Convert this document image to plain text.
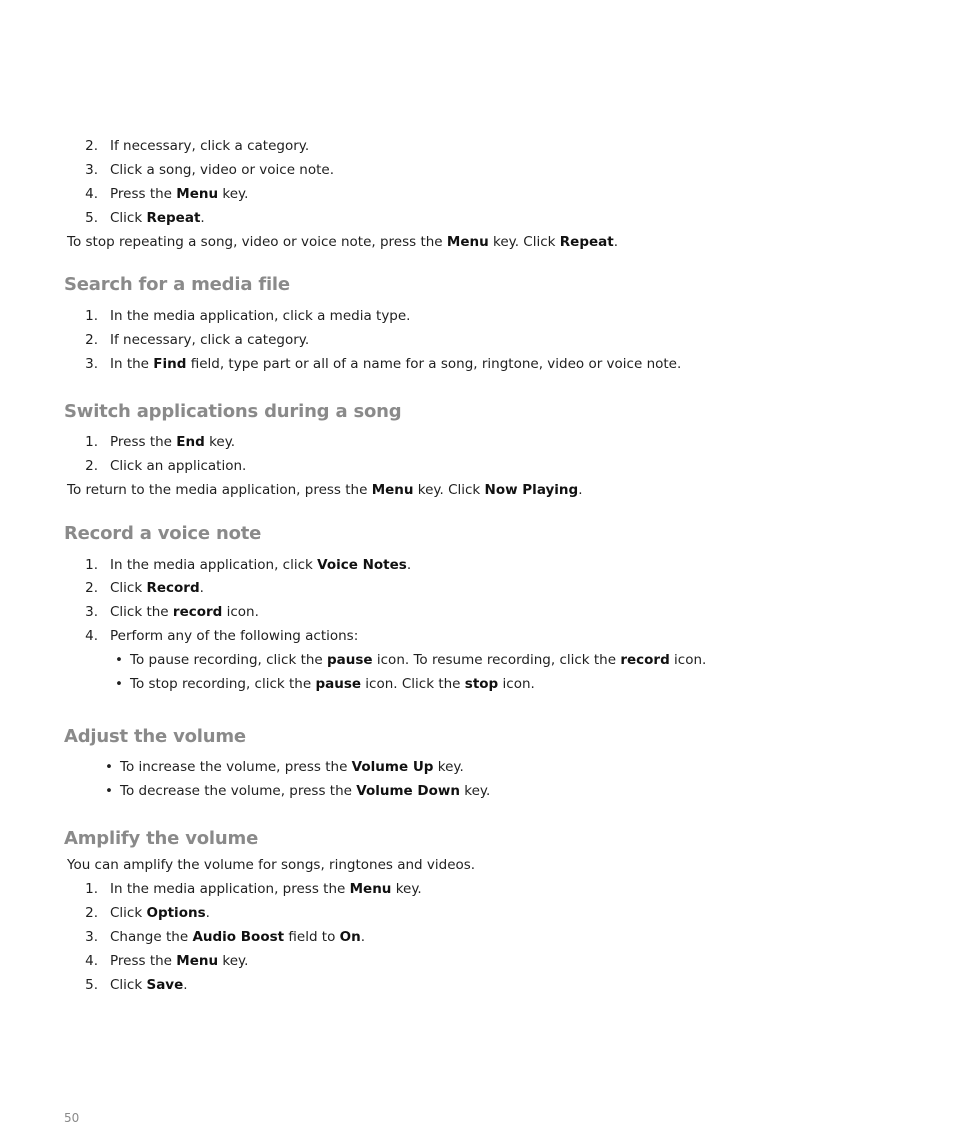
2. If necessary, click a category.
3. Click a song, video or voice note.
4. Press the Menu key.
5. Click Repeat.
To stop repeating a song, video or voice note, press the Menu key. Click Repeat.
Search for a media file
1. In the media application, click a media type.
2. If necessary, click a category.
3. In the Find field, type part or all of a name for a song, ringtone, video or voice note.
Switch applications during a song
1. Press the End key.
2. Click an application.
To return to the media application, press the Menu key. Click Now Playing.
Record a voice note
1. In the media application, click Voice Notes.
2. Click Record.
3. Click the record icon.
4. Perform any of the following actions:
• To pause recording, click the pause icon. To resume recording, click the record icon.
• To stop recording, click the pause icon. Click the stop icon.
Adjust the volume
• To increase the volume, press the Volume Up key.
• To decrease the volume, press the Volume Down key.
Amplify the volume
You can amplify the volume for songs, ringtones and videos.
1. In the media application, press the Menu key.
2. Click Options.
3. Change the Audio Boost field to On.
4. Press the Menu key.
5. Click Save.
50
